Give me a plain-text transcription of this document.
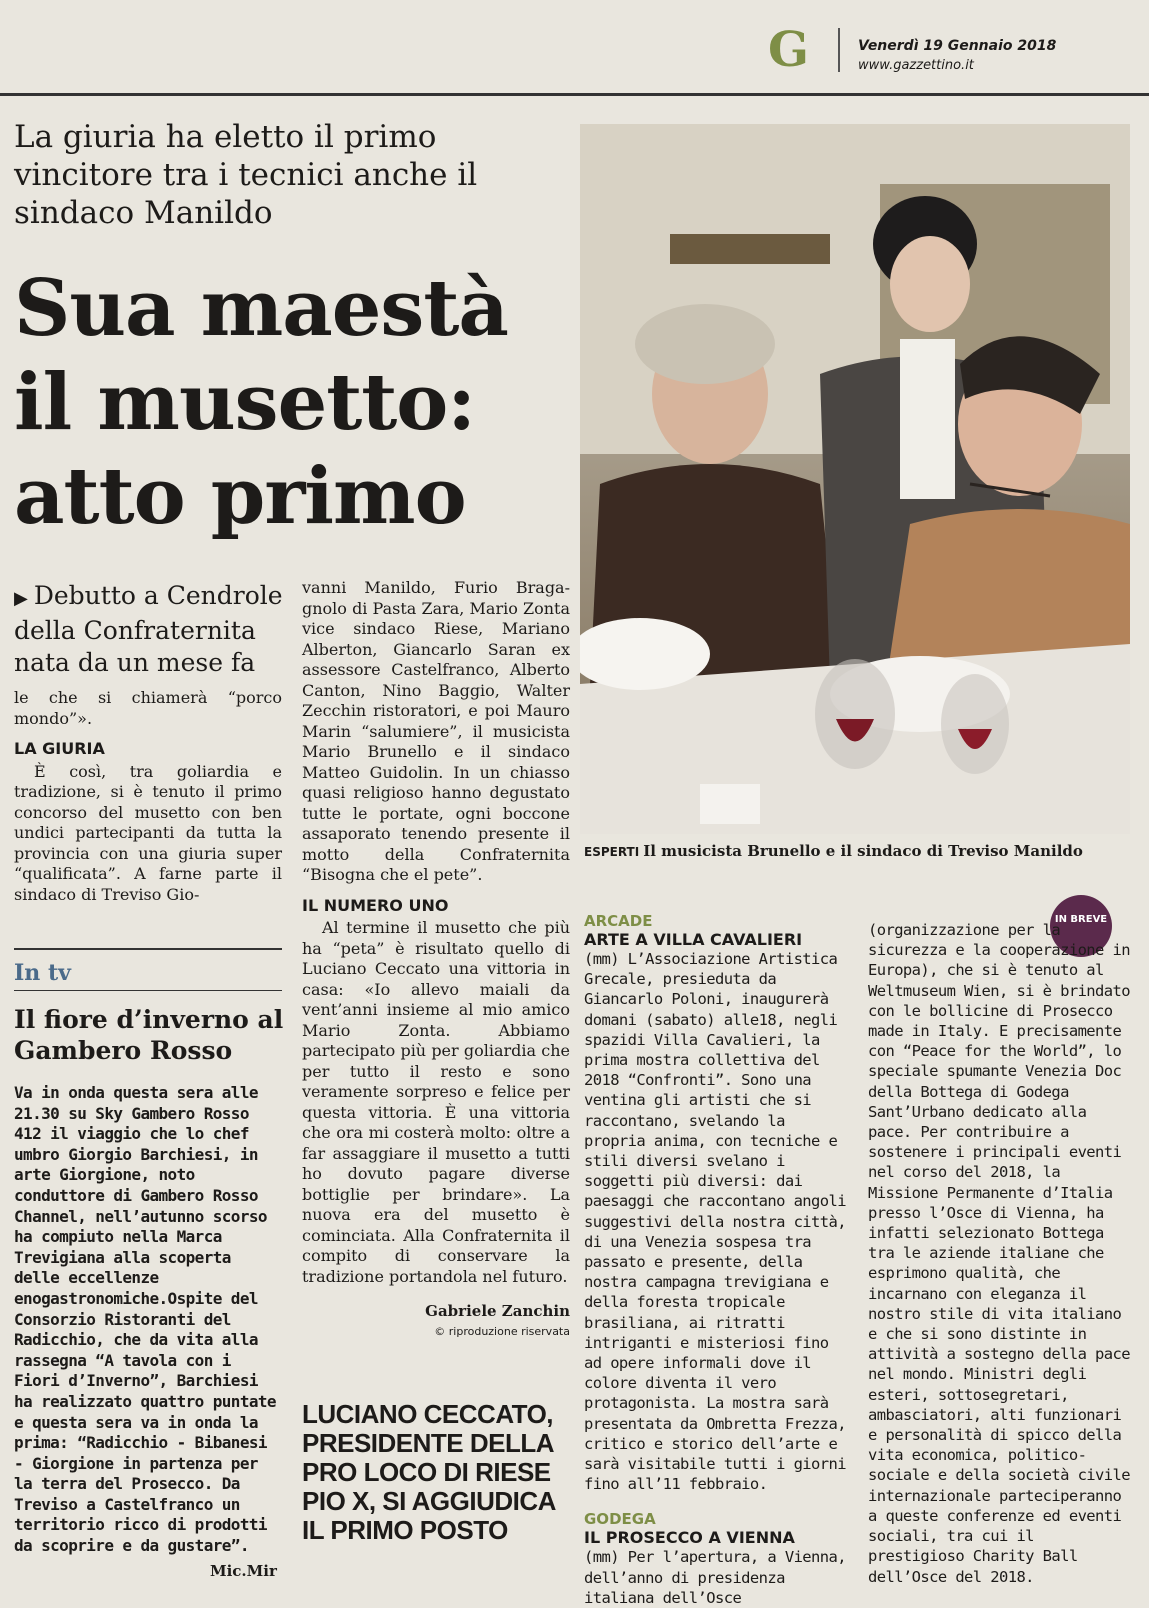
G	Venerdì 19 Gennaio 2018
www.gazzettino.it
La giuria ha eletto il primo vincitore tra i tecnici anche il sindaco Manildo
Sua maestà
il musetto:
atto primo
▶ Debutto a Cendrole della Confraternita nata da un mese fa

le che si chiamerà “porco mondo”».

LA GIURIA

È così, tra goliardia e tradizione, si è tenuto il primo concorso del musetto con ben undici partecipanti da tutta la provincia con una giuria super “qualificata”. A farne parte il sindaco di Treviso Gio-

vanni Manildo, Furio Bragagnolo di Pasta Zara, Mario Zonta vice sindaco Riese, Mariano Alberton, Giancarlo Saran ex assessore Castelfranco, Alberto Canton, Nino Baggio, Walter Zecchin ristoratori, e poi Mauro Marin “salumiere”, il musicista Mario Brunello e il sindaco Matteo Guidolin. In un chiasso quasi religioso hanno degustato tutte le portate, ogni boccone assaporato tenendo presente il motto della Confraternita “Bisogna che el pete”.

IL NUMERO UNO

Al termine il musetto che più ha “peta” è risultato quello di Luciano Ceccato una vittoria in casa: «Io allevo maiali da vent’anni insieme al mio amico Mario Zonta. Abbiamo partecipato più per goliardia che per tutto il resto e sono veramente sorpreso e felice per questa vittoria. È una vittoria che ora mi costerà molto: oltre a far assaggiare il musetto a tutti ho dovuto pagare diverse bottiglie per brindare». La nuova era del musetto è cominciata. Alla Confraternita il compito di conservare la tradizione portandola nel futuro.

Gabriele Zanchin
© riproduzione riservata
LUCIANO CECCATO, PRESIDENTE DELLA PRO LOCO DI RIESE PIO X, SI AGGIUDICA IL PRIMO POSTO
ESPERTI Il musicista Brunello e il sindaco di Treviso Manildo
In tv
Il fiore d’inverno al Gambero Rosso
Va in onda questa sera alle 21.30 su Sky Gambero Rosso 412 il viaggio che lo chef umbro Giorgio Barchiesi, in arte Giorgione, noto conduttore di Gambero Rosso Channel, nell’autunno scorso ha compiuto nella Marca Trevigiana alla scoperta delle eccellenze enogastronomiche.Ospite del Consorzio Ristoranti del Radicchio, che da vita alla rassegna “A tavola con i Fiori d’Inverno”, Barchiesi ha realizzato quattro puntate e questa sera va in onda la prima: “Radicchio - Bibanesi - Giorgione in partenza per la terra del Prosecco. Da Treviso a Castelfranco un territorio ricco di prodotti da scoprire e da gustare”.
Mic.Mir
ARCADE
ARTE A VILLA CAVALIERI
(mm) L’Associazione Artistica Grecale, presieduta da Giancarlo Poloni, inaugurerà domani (sabato) alle18, negli spazidi Villa Cavalieri, la prima mostra collettiva del 2018 “Confronti”. Sono una ventina gli artisti che si raccontano, svelando la propria anima, con tecniche e stili diversi svelano i soggetti più diversi: dai paesaggi che raccontano angoli suggestivi della nostra città, di una Venezia sospesa tra passato e presente, della nostra campagna trevigiana e della foresta tropicale brasiliana, ai ritratti intriganti e misteriosi fino ad opere informali dove il colore diventa il vero protagonista. La mostra sarà presentata da Ombretta Frezza, critico e storico dell’arte e sarà visitabile tutti i giorni fino all’11 febbraio.
GODEGA
IL PROSECCO A VIENNA
(mm) Per l’apertura, a Vienna, dell’anno di presidenza italiana dell’Osce
IN BREVE
(organizzazione per la sicurezza e la cooperazione in Europa), che si è tenuto al Weltmuseum Wien, si è brindato con le bollicine di Prosecco made in Italy. E precisamente con “Peace for the World”, lo speciale spumante Venezia Doc della Bottega di Godega Sant’Urbano dedicato alla pace. Per contribuire a sostenere i principali eventi nel corso del 2018, la Missione Permanente d’Italia presso l’Osce di Vienna, ha infatti selezionato Bottega tra le aziende italiane che esprimono qualità, che incarnano con eleganza il nostro stile di vita italiano e che si sono distinte in attività a sostegno della pace nel mondo. Ministri degli esteri, sottosegretari, ambasciatori, alti funzionari e personalità di spicco della vita economica, politico-sociale e della società civile internazionale parteciperanno a queste conferenze ed eventi sociali, tra cui il prestigioso Charity Ball dell’Osce del 2018.
